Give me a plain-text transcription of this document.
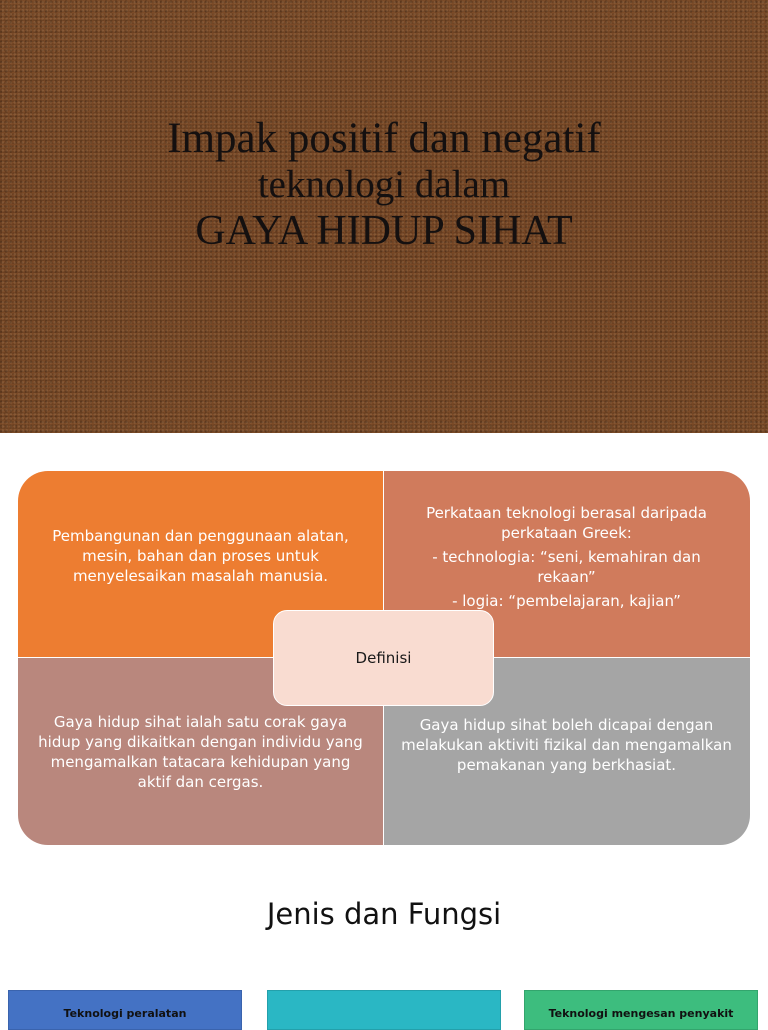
Impak positif dan negatif
teknologi dalam
GAYA HIDUP SIHAT
Pembangunan dan penggunaan alatan, mesin, bahan dan proses untuk menyelesaikan masalah manusia.

Perkataan teknologi berasal daripada perkataan Greek:

- technologia: “seni, kemahiran dan rekaan”

- logia: “pembelajaran, kajian”

Gaya hidup sihat ialah satu corak gaya hidup yang dikaitkan dengan individu yang mengamalkan tatacara kehidupan yang aktif dan cergas.
Gaya hidup sihat boleh dicapai dengan melakukan aktiviti fizikal dan mengamalkan pemakanan yang berkhasiat.
Definisi
Jenis dan Fungsi
Teknologi peralatan	Teknologi mengesan penyakit
